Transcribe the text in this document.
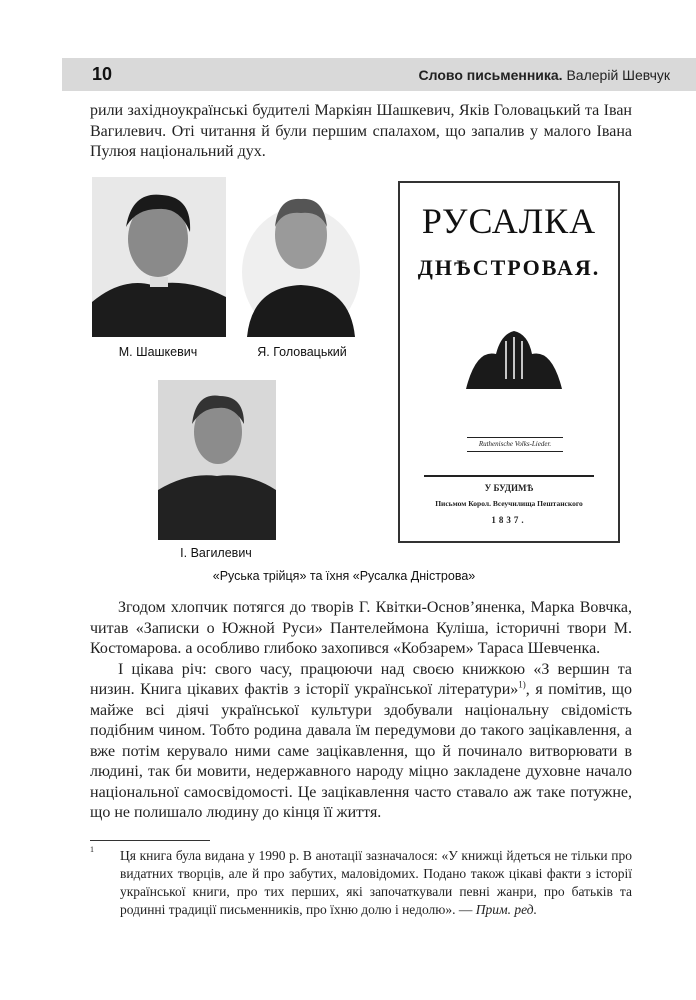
10	Слово письменника. Валерій Шевчук

рили західноукраїнські будителі Маркіян Шашкевич, Яків Головацький та Іван Вагилевич. Оті читання й були першим спалахом, що запалив у малого Івана Пулюя національний дух.

М. Шашкевич	Я. Головацький
І. Вагилевич
РУСАЛКА
ДНѢСТРОВАЯ.
Ruthenische Volks-Lieder.
У БУДИМѢ
Письмом Корол. Всеучилища Пештанского
1837.
«Руська трійця» та їхня «Русалка Дністрова»

Згодом хлопчик потягся до творів Г. Квітки-Основ’яненка, Марка Вовчка, читав «Записки о Южной Руси» Пантелеймона Куліша, історичні твори М. Костомарова. а особливо глибоко захопився «Кобзарем» Тараса Шевченка.

І цікава річ: свого часу, працюючи над своєю книжкою «З вершин та низин. Книга цікавих фактів з історії української літератури»$^{1)}$, я помітив, що майже всі діячі української культури здобували національну свідомість подібним чином. Тобто родина давала їм передумови до такого зацікавлення, а вже потім керувало ними саме зацікавлення, що й починало витворювати в людині, так би мовити, недержавного народу міцно закладене духовне начало національної самосвідомості. Це зацікавлення часто ставало аж таке потужне, що не полишало людину до кінця її життя.

1 Ця книга була видана у 1990 р. В анотації зазначалося: «У книжці йдеться не тільки про видатних творців, але й про забутих, маловідомих. Подано також цікаві факти з історії української книги, про тих перших, які започаткували певні жанри, про батьків та родинні традиції письменників, про їхню долю і недолю». — Прим. ред.
